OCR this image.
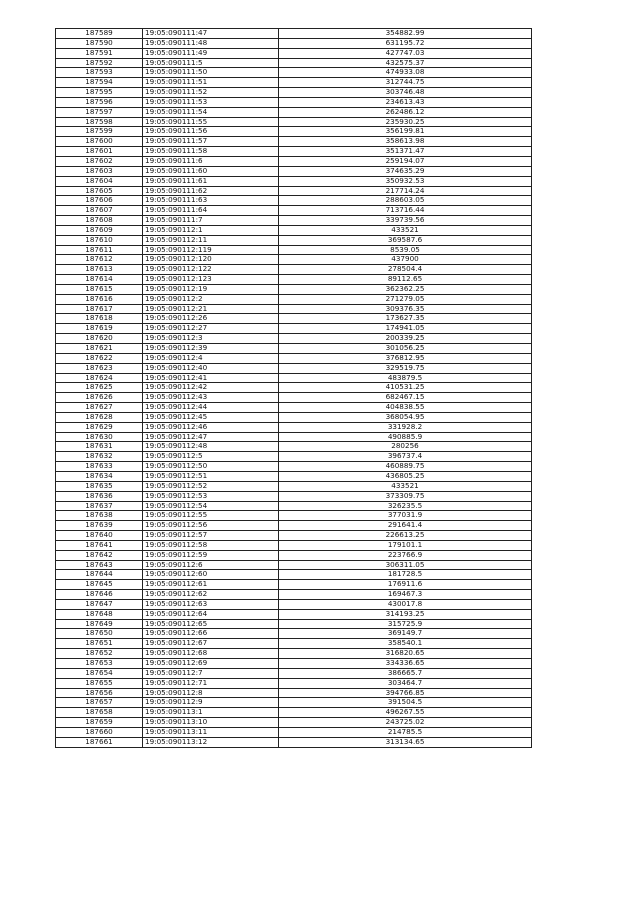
187589	19:05:090111:47	354882.99
187590	19:05:090111:48	631195.72
187591	19:05:090111:49	427747.03
187592	19:05:090111:5	432575.37
187593	19:05:090111:50	474933.08
187594	19:05:090111:51	312744.75
187595	19:05:090111:52	303746.48
187596	19:05:090111:53	234613.43
187597	19:05:090111:54	262486.12
187598	19:05:090111:55	235930.25
187599	19:05:090111:56	356199.81
187600	19:05:090111:57	358613.98
187601	19:05:090111:58	351371.47
187602	19:05:090111:6	259194.07
187603	19:05:090111:60	374635.29
187604	19:05:090111:61	350932.53
187605	19:05:090111:62	217714.24
187606	19:05:090111:63	288603.05
187607	19:05:090111:64	713716.44
187608	19:05:090111:7	339739.56
187609	19:05:090112:1	433521
187610	19:05:090112:11	369587.6
187611	19:05:090112:119	8539.05
187612	19:05:090112:120	437900
187613	19:05:090112:122	278504.4
187614	19:05:090112:123	89112.65
187615	19:05:090112:19	362362.25
187616	19:05:090112:2	271279.05
187617	19:05:090112:21	309376.35
187618	19:05:090112:26	173627.35
187619	19:05:090112:27	174941.05
187620	19:05:090112:3	200339.25
187621	19:05:090112:39	301056.25
187622	19:05:090112:4	376812.95
187623	19:05:090112:40	329519.75
187624	19:05:090112:41	483879.5
187625	19:05:090112:42	410531.25
187626	19:05:090112:43	682467.15
187627	19:05:090112:44	404838.55
187628	19:05:090112:45	368054.95
187629	19:05:090112:46	331928.2
187630	19:05:090112:47	490885.9
187631	19:05:090112:48	280256
187632	19:05:090112:5	396737.4
187633	19:05:090112:50	460889.75
187634	19:05:090112:51	436805.25
187635	19:05:090112:52	433521
187636	19:05:090112:53	373309.75
187637	19:05:090112:54	326235.5
187638	19:05:090112:55	377031.9
187639	19:05:090112:56	291641.4
187640	19:05:090112:57	226613.25
187641	19:05:090112:58	179101.1
187642	19:05:090112:59	223766.9
187643	19:05:090112:6	306311.05
187644	19:05:090112:60	181728.5
187645	19:05:090112:61	176911.6
187646	19:05:090112:62	169467.3
187647	19:05:090112:63	430017.8
187648	19:05:090112:64	314193.25
187649	19:05:090112:65	315725.9
187650	19:05:090112:66	369149.7
187651	19:05:090112:67	358540.1
187652	19:05:090112:68	316820.65
187653	19:05:090112:69	334336.65
187654	19:05:090112:7	386665.7
187655	19:05:090112:71	303464.7
187656	19:05:090112:8	394766.85
187657	19:05:090112:9	391504.5
187658	19:05:090113:1	496267.55
187659	19:05:090113:10	243725.02
187660	19:05:090113:11	214785.5
187661	19:05:090113:12	313134.65
